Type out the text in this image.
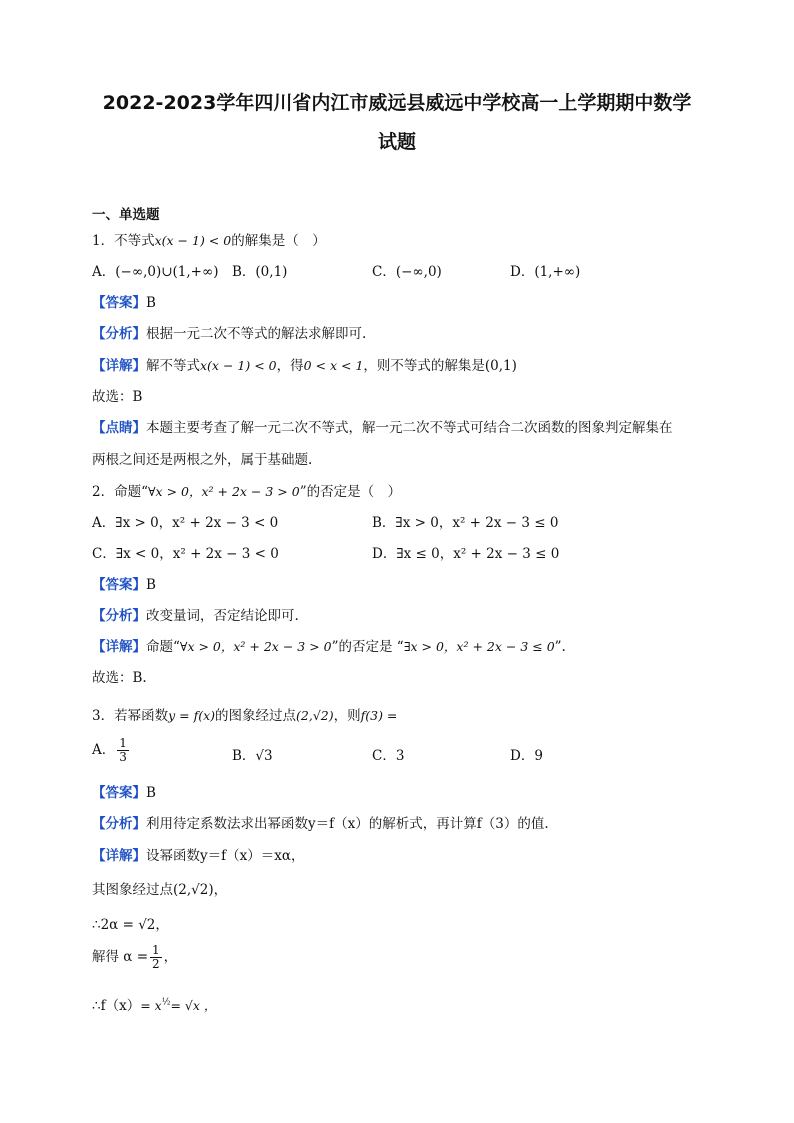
2022-2023学年四川省内江市威远县威远中学校高一上学期期中数学
试题
一、单选题
1．不等式x(x − 1) < 0的解集是（　）
A．(−∞,0)∪(1,+∞) B．(0,1)	C．(−∞,0)	D．(1,+∞)
【答案】B
【分析】根据一元二次不等式的解法求解即可.
【详解】解不等式x(x − 1) < 0，得0 < x < 1，则不等式的解集是(0,1)
故选：B
【点睛】本题主要考查了解一元二次不等式，解一元二次不等式可结合二次函数的图象判定解集在
两根之间还是两根之外，属于基础题.
2．命题“∀x > 0，x² + 2x − 3 > 0”的否定是（　）
A．∃x > 0，x² + 2x − 3 < 0	B．∃x > 0，x² + 2x − 3 ≤ 0
C．∃x < 0，x² + 2x − 3 < 0	D．∃x ≤ 0，x² + 2x − 3 ≤ 0
【答案】B
【分析】改变量词，否定结论即可.
【详解】命题“∀x > 0，x² + 2x − 3 > 0”的否定是 “∃x > 0，x² + 2x − 3 ≤ 0”.
故选：B.
3．若幂函数y = f(x)的图象经过点(2,√2)，则f(3) =
A． $\frac{1}{3}$	B．√3	C．3	D．9
【答案】B
【分析】利用待定系数法求出幂函数y＝f（x）的解析式，再计算f（3）的值.
【详解】设幂函数y＝f（x）＝xα，
其图象经过点(2,√2)，
∴2α = √2，
解得 $\alpha = \frac{1}{2}$ ，
∴f（x）= $x^{\frac{1}{2}}= √x$ ，
